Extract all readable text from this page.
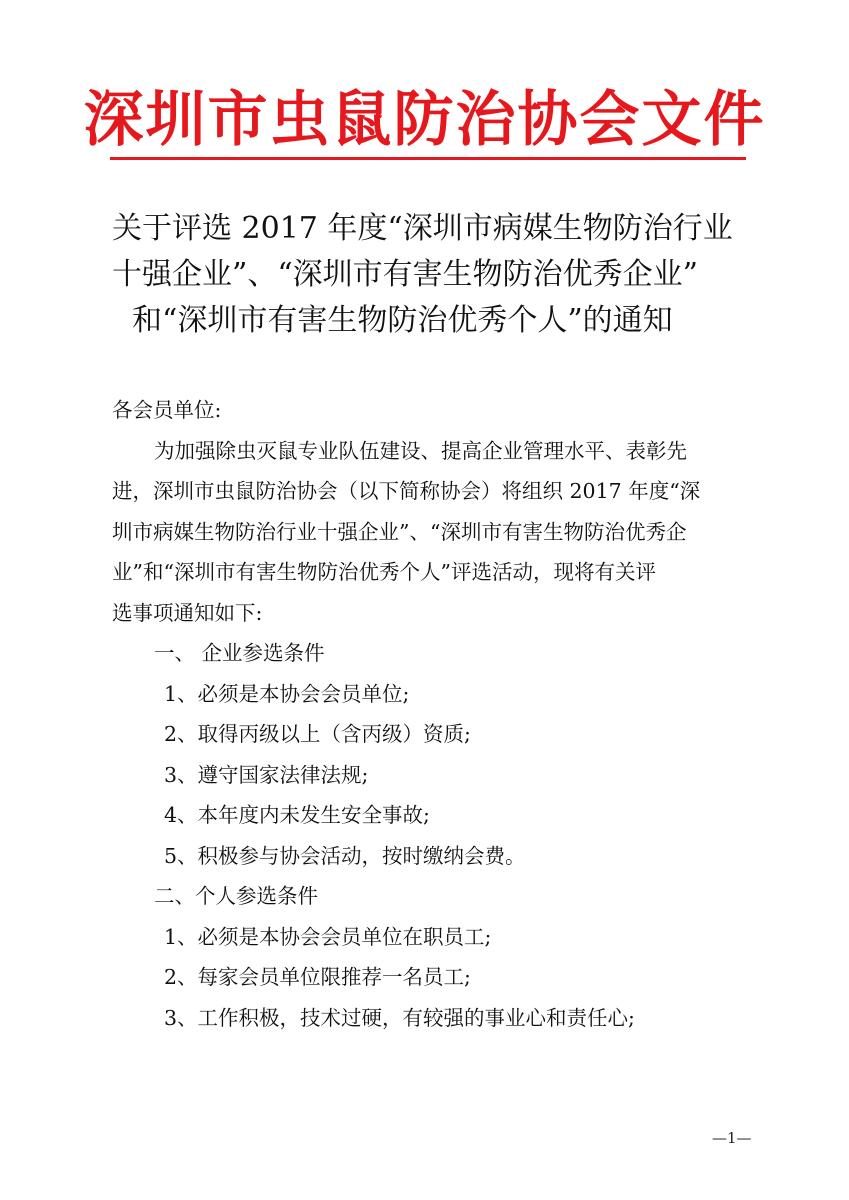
深圳市虫鼠防治协会文件
关于评选 2017 年度“深圳市病媒生物防治行业
十强企业”、“深圳市有害生物防治优秀企业”
和“深圳市有害生物防治优秀个人”的通知
各会员单位:
为加强除虫灭鼠专业队伍建设、提高企业管理水平、表彰先
进，深圳市虫鼠防治协会（以下简称协会）将组织 2017 年度“深
圳市病媒生物防治行业十强企业”、“深圳市有害生物防治优秀企
业”和“深圳市有害生物防治优秀个人”评选活动，现将有关评
选事项通知如下:
一、 企业参选条件
1、必须是本协会会员单位;
2、取得丙级以上（含丙级）资质;
3、遵守国家法律法规;
4、本年度内未发生安全事故;
5、积极参与协会活动，按时缴纳会费。
二、个人参选条件
1、必须是本协会会员单位在职员工;
2、每家会员单位限推荐一名员工;
3、工作积极，技术过硬，有较强的事业心和责任心;
—1—
